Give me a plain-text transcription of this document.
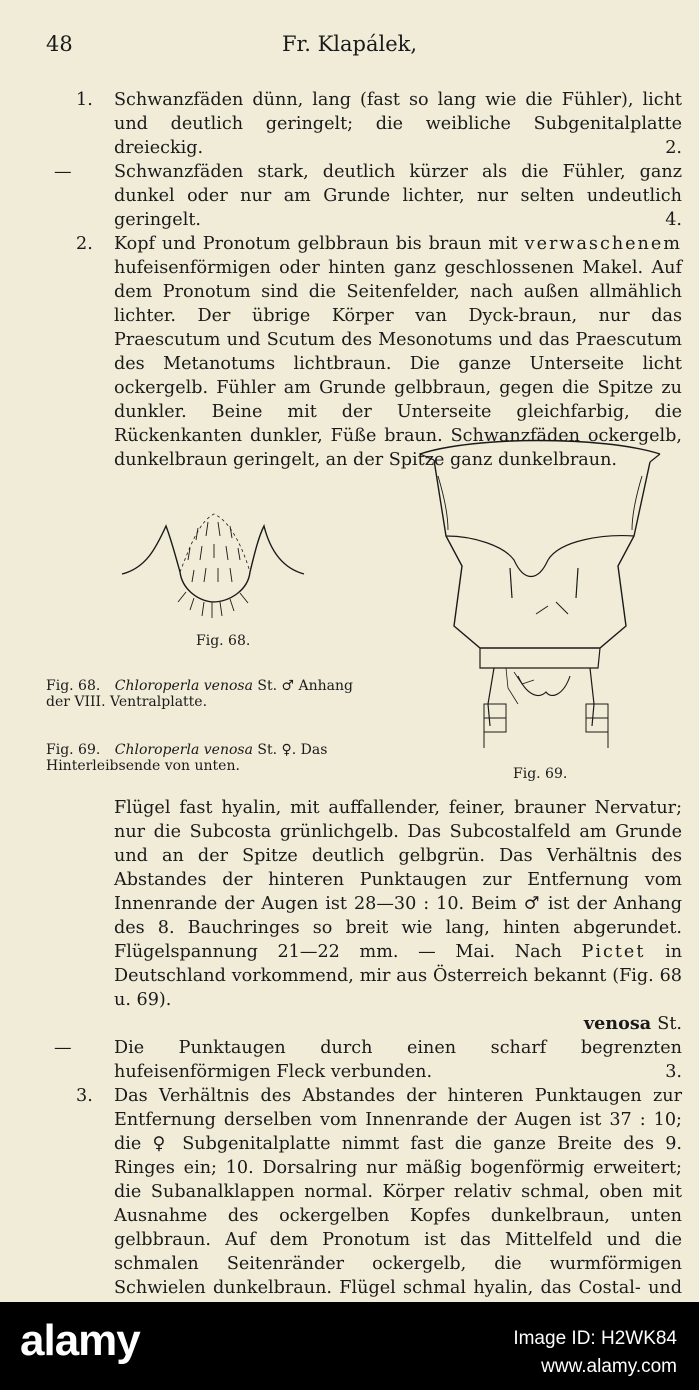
48	Fr. Klapálek,
1. Schwanzfäden dünn, lang (fast so lang wie die Fühler), licht und deutlich geringelt; die weibliche Subgenitalplatte dreieckig.	2.
— Schwanzfäden stark, deutlich kürzer als die Fühler, ganz dunkel oder nur am Grunde lichter, nur selten undeutlich geringelt.	4.
2. Kopf und Pronotum gelbbraun bis braun mit verwaschenem hufeisenförmigen oder hinten ganz geschlossenen Makel. Auf dem Pronotum sind die Seitenfelder, nach außen allmählich lichter. Der übrige Körper van Dyck-braun, nur das Praescutum und Scutum des Mesonotums und das Praescutum des Metanotums lichtbraun. Die ganze Unterseite licht ockergelb. Fühler am Grunde gelbbraun, gegen die Spitze zu dunkler. Beine mit der Unterseite gleichfarbig, die Rückenkanten dunkler, Füße braun. Schwanzfäden ockergelb, dunkelbraun geringelt, an der Spitze ganz dunkelbraun.
Fig. 68.
Fig. 69.
Fig. 68. Chloroperla venosa St. ♂ Anhang der VIII. Ventralplatte.
Fig. 69. Chloroperla venosa St. ♀. Das Hinterleibsende von unten.
Flügel fast hyalin, mit auffallender, feiner, brauner Nervatur; nur die Subcosta grünlichgelb. Das Subcostalfeld am Grunde und an der Spitze deutlich gelbgrün. Das Verhältnis des Abstandes der hinteren Punktaugen zur Entfernung vom Innenrande der Augen ist 28—30 : 10. Beim ♂ ist der Anhang des 8. Bauchringes so breit wie lang, hinten abgerundet. Flügelspannung 21—22 mm. — Mai. Nach Pictet in Deutschland vorkommend, mir aus Österreich bekannt (Fig. 68 u. 69).
venosa St.
— Die Punktaugen durch einen scharf begrenzten hufeisenförmigen Fleck verbunden.	3.
3. Das Verhältnis des Abstandes der hinteren Punktaugen zur Entfernung derselben vom Innenrande der Augen ist 37 : 10; die ♀ Subgenitalplatte nimmt fast die ganze Breite des 9. Ringes ein; 10. Dorsalring nur mäßig bogenförmig erweitert; die Subanalklappen normal. Körper relativ schmal, oben mit Ausnahme des ockergelben Kopfes dunkelbraun, unten gelbbraun. Auf dem Pronotum ist das Mittelfeld und die schmalen Seitenränder ockergelb, die wurmförmigen Schwielen dunkelbraun. Flügel schmal hyalin, das Costal- und
alamy	Image ID: H2WK84
www.alamy.com
